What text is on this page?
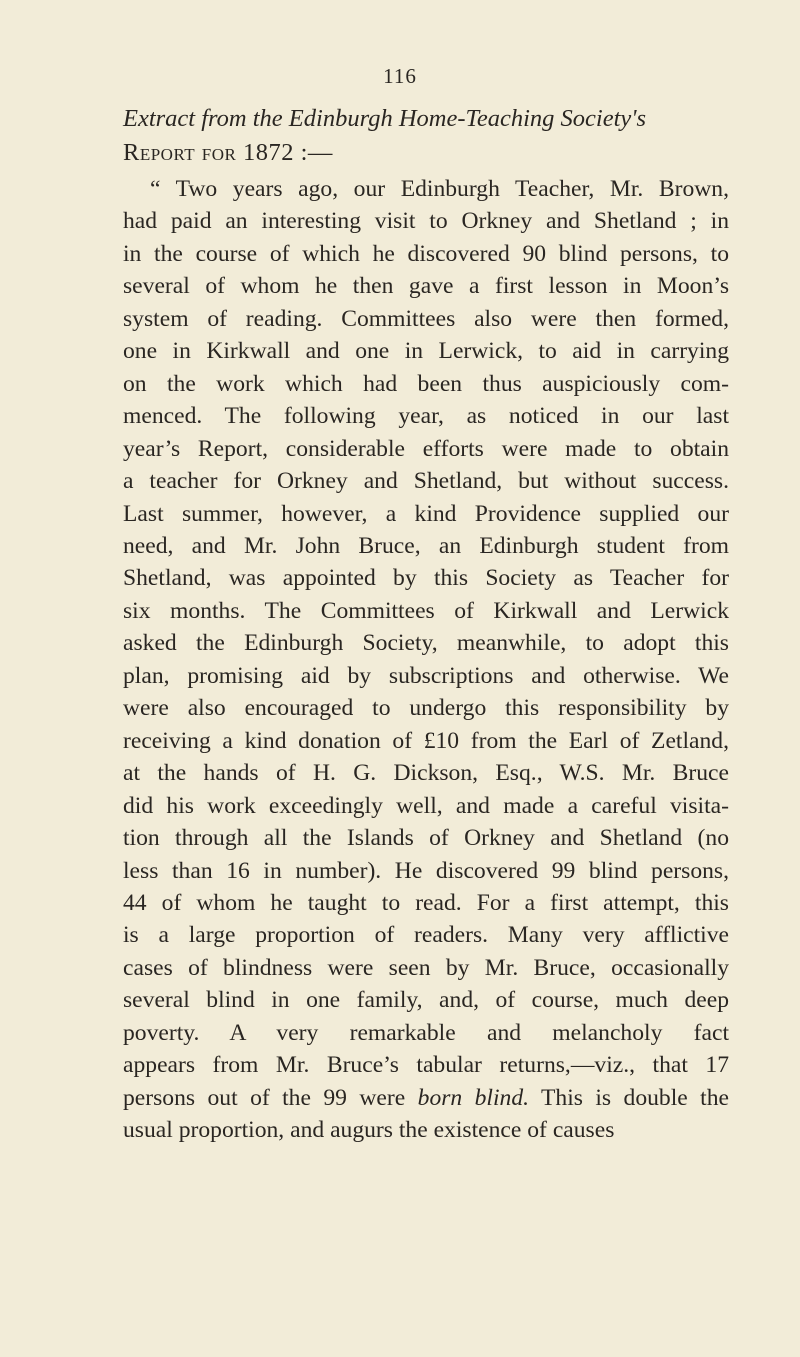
116
Extract from the Edinburgh Home-Teaching Society's
Report for 1872 :—
“ Two years ago, our Edinburgh Teacher, Mr. Brown,
had paid an interesting visit to Orkney and Shetland ; in
in the course of which he discovered 90 blind persons, to
several of whom he then gave a first lesson in Moon’s
system of reading. Committees also were then formed,
one in Kirkwall and one in Lerwick, to aid in carrying
on the work which had been thus auspiciously com-
menced. The following year, as noticed in our last
year’s Report, considerable efforts were made to obtain
a teacher for Orkney and Shetland, but without success.
Last summer, however, a kind Providence supplied our
need, and Mr. John Bruce, an Edinburgh student from
Shetland, was appointed by this Society as Teacher for
six months. The Committees of Kirkwall and Lerwick
asked the Edinburgh Society, meanwhile, to adopt this
plan, promising aid by subscriptions and otherwise. We
were also encouraged to undergo this responsibility by
receiving a kind donation of £10 from the Earl of Zetland,
at the hands of H. G. Dickson, Esq., W.S. Mr. Bruce
did his work exceedingly well, and made a careful visita-
tion through all the Islands of Orkney and Shetland (no
less than 16 in number). He discovered 99 blind persons,
44 of whom he taught to read. For a first attempt, this
is a large proportion of readers. Many very afflictive
cases of blindness were seen by Mr. Bruce, occasionally
several blind in one family, and, of course, much deep
poverty. A very remarkable and melancholy fact
appears from Mr. Bruce’s tabular returns,—viz., that 17
persons out of the 99 were born blind. This is double the
usual proportion, and augurs the existence of causes
